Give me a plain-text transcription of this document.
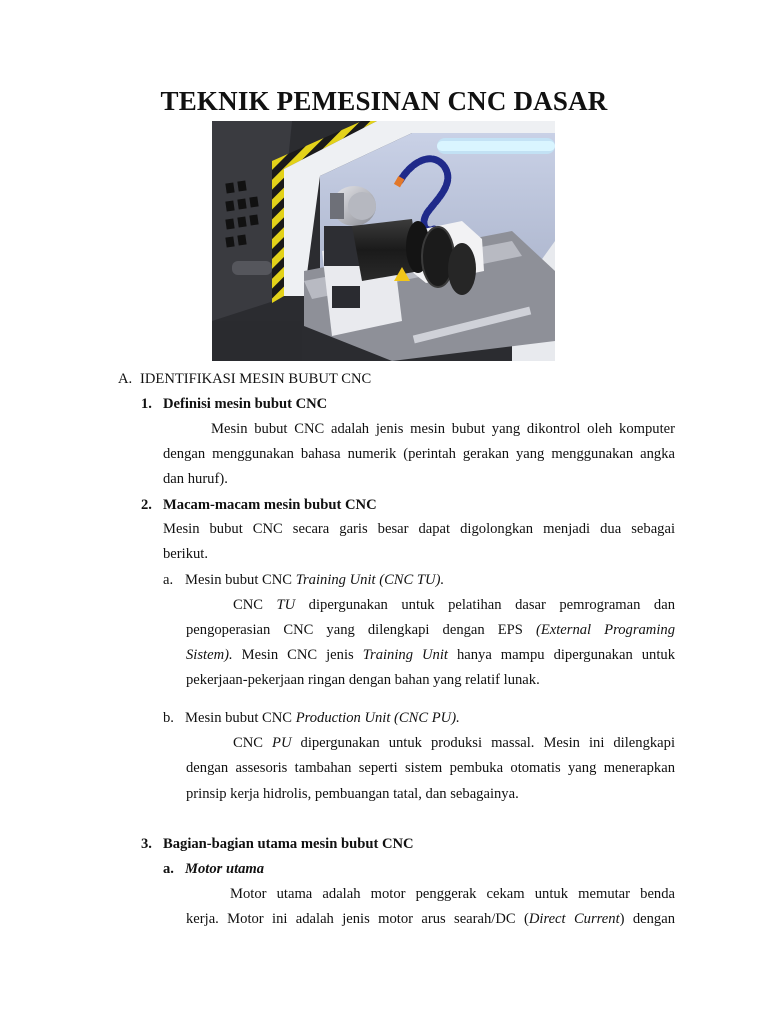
TEKNIK PEMESINAN CNC DASAR
A. IDENTIFIKASI MESIN BUBUT CNC
1. Definisi mesin bubut CNC
Mesin bubut CNC adalah jenis mesin bubut yang dikontrol oleh komputer
dengan menggunakan bahasa numerik (perintah gerakan yang menggunakan angka
dan huruf).
2. Macam-macam mesin bubut CNC
Mesin bubut CNC secara garis besar dapat digolongkan menjadi dua sebagai
berikut.
a. Mesin bubut CNC Training Unit (CNC TU).
CNC TU dipergunakan untuk pelatihan dasar pemrograman dan
pengoperasian CNC yang dilengkapi dengan EPS (External Programing
Sistem). Mesin CNC jenis Training Unit hanya mampu dipergunakan untuk
pekerjaan-pekerjaan ringan dengan bahan yang relatif lunak.
b. Mesin bubut CNC Production Unit (CNC PU).
CNC PU dipergunakan untuk produksi massal. Mesin ini dilengkapi
dengan assesoris tambahan seperti sistem pembuka otomatis yang menerapkan
prinsip kerja hidrolis, pembuangan tatal, dan sebagainya.
3. Bagian-bagian utama mesin bubut CNC
a. Motor utama
Motor utama adalah motor penggerak cekam untuk memutar benda
kerja. Motor ini adalah jenis motor arus searah/DC (Direct Current) dengan
